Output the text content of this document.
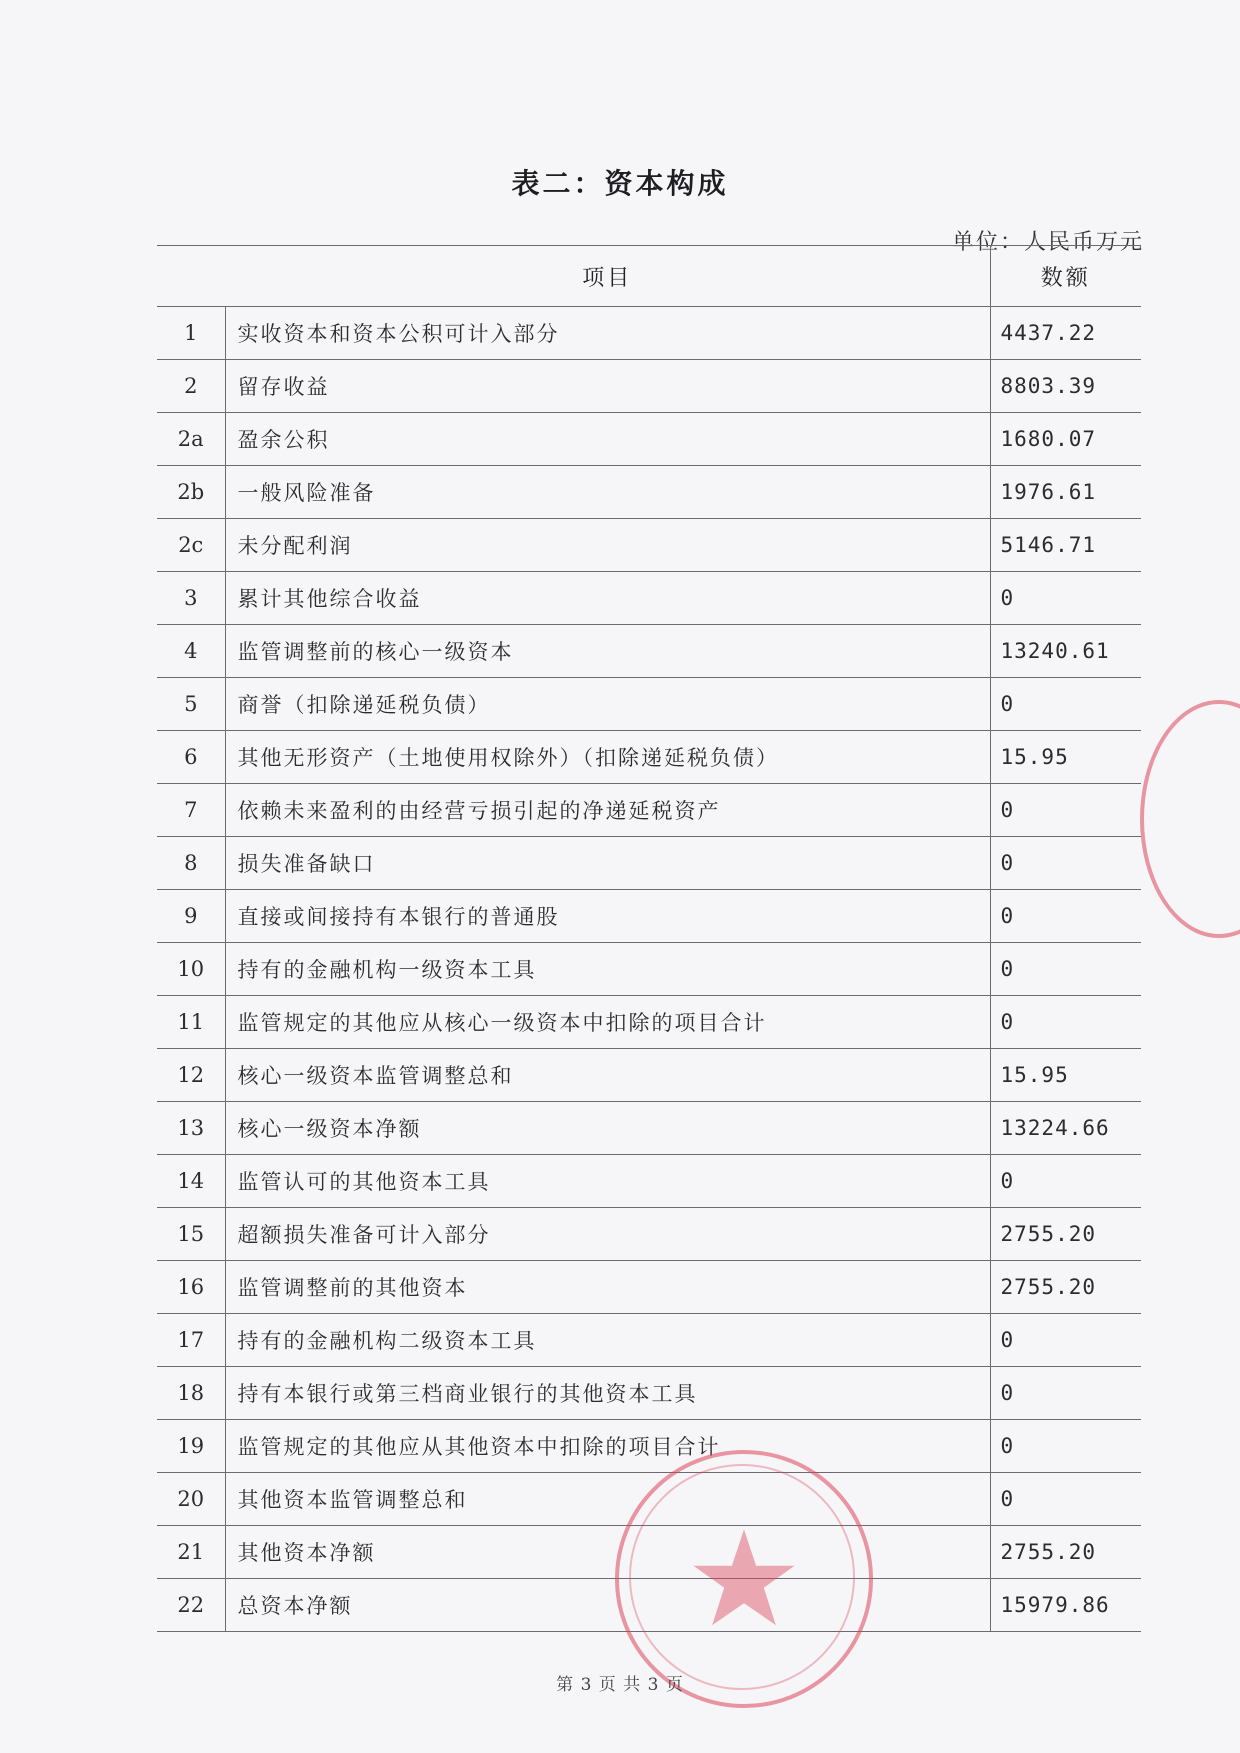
表二：资本构成
单位：人民币万元
	项目	数额
1	实收资本和资本公积可计入部分	4437.22
2	留存收益	8803.39
2a	盈余公积	1680.07
2b	一般风险准备	1976.61
2c	未分配利润	5146.71
3	累计其他综合收益	0
4	监管调整前的核心一级资本	13240.61
5	商誉（扣除递延税负债）	0
6	其他无形资产（土地使用权除外）（扣除递延税负债）	15.95
7	依赖未来盈利的由经营亏损引起的净递延税资产	0
8	损失准备缺口	0
9	直接或间接持有本银行的普通股	0
10	持有的金融机构一级资本工具	0
11	监管规定的其他应从核心一级资本中扣除的项目合计	0
12	核心一级资本监管调整总和	15.95
13	核心一级资本净额	13224.66
14	监管认可的其他资本工具	0
15	超额损失准备可计入部分	2755.20
16	监管调整前的其他资本	2755.20
17	持有的金融机构二级资本工具	0
18	持有本银行或第三档商业银行的其他资本工具	0
19	监管规定的其他应从其他资本中扣除的项目合计	0
20	其他资本监管调整总和	0
21	其他资本净额	2755.20
22	总资本净额	15979.86
第 3 页 共 3 页
